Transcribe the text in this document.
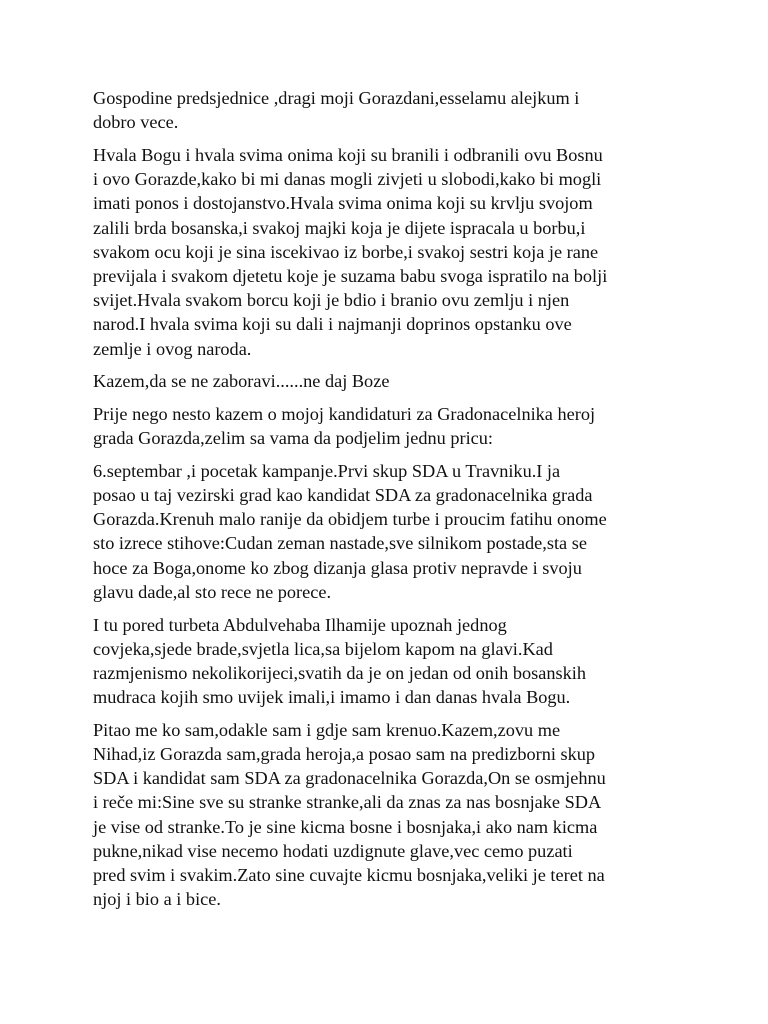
Gospodine predsjednice ,dragi moji Gorazdani,esselamu alejkum i
dobro vece.

Hvala Bogu i hvala svima onima koji su branili i odbranili ovu Bosnu
i ovo Gorazde,kako bi mi danas mogli zivjeti u slobodi,kako bi mogli
imati ponos i dostojanstvo.Hvala svima onima koji su krvlju svojom
zalili brda bosanska,i svakoj majki koja je dijete ispracala u borbu,i
svakom ocu koji je sina iscekivao iz borbe,i svakoj sestri koja je rane
previjala i svakom djetetu koje je suzama babu svoga ispratilo na bolji
svijet.Hvala svakom borcu koji je bdio i branio ovu zemlju i njen
narod.I hvala svima koji su dali i najmanji doprinos opstanku ove
zemlje i ovog naroda.

Kazem,da se ne zaboravi......ne daj Boze

Prije nego nesto kazem o mojoj kandidaturi za Gradonacelnika heroj
grada Gorazda,zelim sa vama da podjelim jednu pricu:

6.septembar ,i pocetak kampanje.Prvi skup SDA u Travniku.I ja
posao u taj vezirski grad kao kandidat SDA za gradonacelnika grada
Gorazda.Krenuh malo ranije da obidjem turbe i proucim fatihu onome
sto izrece stihove:Cudan zeman nastade,sve silnikom postade,sta se
hoce za Boga,onome ko zbog dizanja glasa protiv nepravde i svoju
glavu dade,al sto rece ne porece.

I tu pored turbeta Abdulvehaba Ilhamije upoznah jednog
covjeka,sjede brade,svjetla lica,sa bijelom kapom na glavi.Kad
razmjenismo nekolikorijeci,svatih da je on jedan od onih bosanskih
mudraca kojih smo uvijek imali,i imamo i dan danas hvala Bogu.

Pitao me ko sam,odakle sam i gdje sam krenuo.Kazem,zovu me
Nihad,iz Gorazda sam,grada heroja,a posao sam na predizborni skup
SDA i kandidat sam SDA za gradonacelnika Gorazda,On se osmjehnu
i reče mi:Sine sve su stranke stranke,ali da znas za nas bosnjake SDA
je vise od stranke.To je sine kicma bosne i bosnjaka,i ako nam kicma
pukne,nikad vise necemo hodati uzdignute glave,vec cemo puzati
pred svim i svakim.Zato sine cuvajte kicmu bosnjaka,veliki je teret na
njoj i bio a i bice.
